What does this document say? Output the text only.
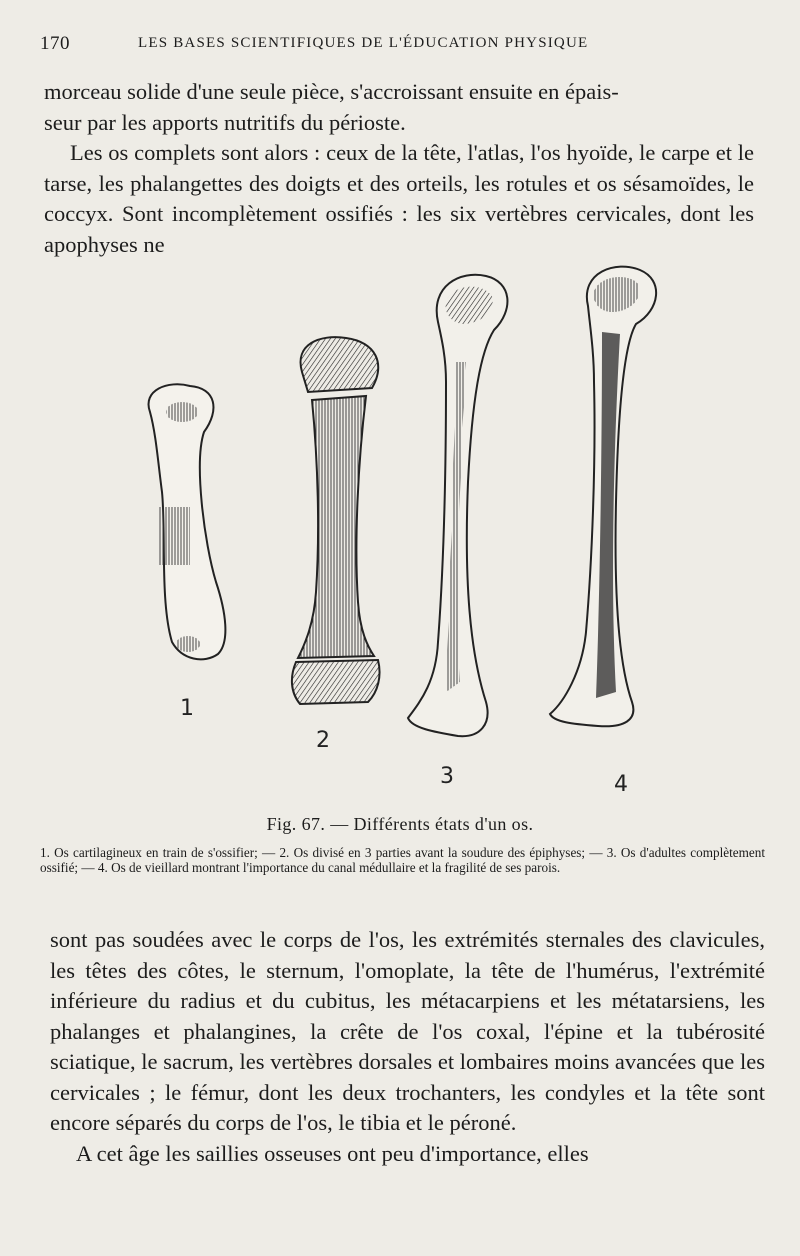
170	LES BASES SCIENTIFIQUES DE L'ÉDUCATION PHYSIQUE

morceau solide d'une seule pièce, s'accroissant ensuite en épais-

seur par les apports nutritifs du périoste.

Les os complets sont alors : ceux de la tête, l'atlas, l'os hyoïde, le carpe et le tarse, les phalangettes des doigts et des orteils, les rotules et os sésamoïdes, le coccyx. Sont incomplètement ossifiés : les six vertèbres cervicales, dont les apophyses ne

1
2
3	4
Fig. 67. — Différents états d'un os.
1. Os cartilagineux en train de s'ossifier; — 2. Os divisé en 3 parties avant la soudure des épiphyses; — 3. Os d'adultes complètement ossifié; — 4. Os de vieillard montrant l'importance du canal médullaire et la fragilité de ses parois.

sont pas soudées avec le corps de l'os, les extrémités sternales des clavicules, les têtes des côtes, le sternum, l'omoplate, la tête de l'humérus, l'extrémité inférieure du radius et du cubitus, les métacarpiens et les métatarsiens, les phalanges et phalangines, la crête de l'os coxal, l'épine et la tubérosité sciatique, le sacrum, les vertèbres dorsales et lombaires moins avancées que les cervicales ; le fémur, dont les deux trochanters, les condyles et la tête sont encore séparés du corps de l'os, le tibia et le péroné.

A cet âge les saillies osseuses ont peu d'importance, elles
